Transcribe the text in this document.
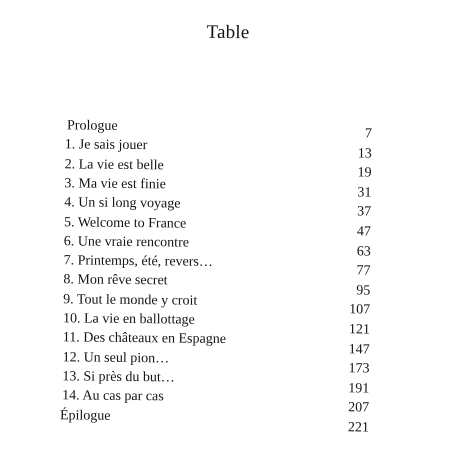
Table
Prologue
7
1. Je sais jouer
13
2. La vie est belle
19
3. Ma vie est finie
31
4. Un si long voyage
37
5. Welcome to France
47
6. Une vraie rencontre
63
7. Printemps, été, revers…
77
8. Mon rêve secret
95
9. Tout le monde y croit
107
10. La vie en ballottage
121
11. Des châteaux en Espagne
147
12. Un seul pion…
173
13. Si près du but…
191
14. Au cas par cas
207
Épilogue
221
